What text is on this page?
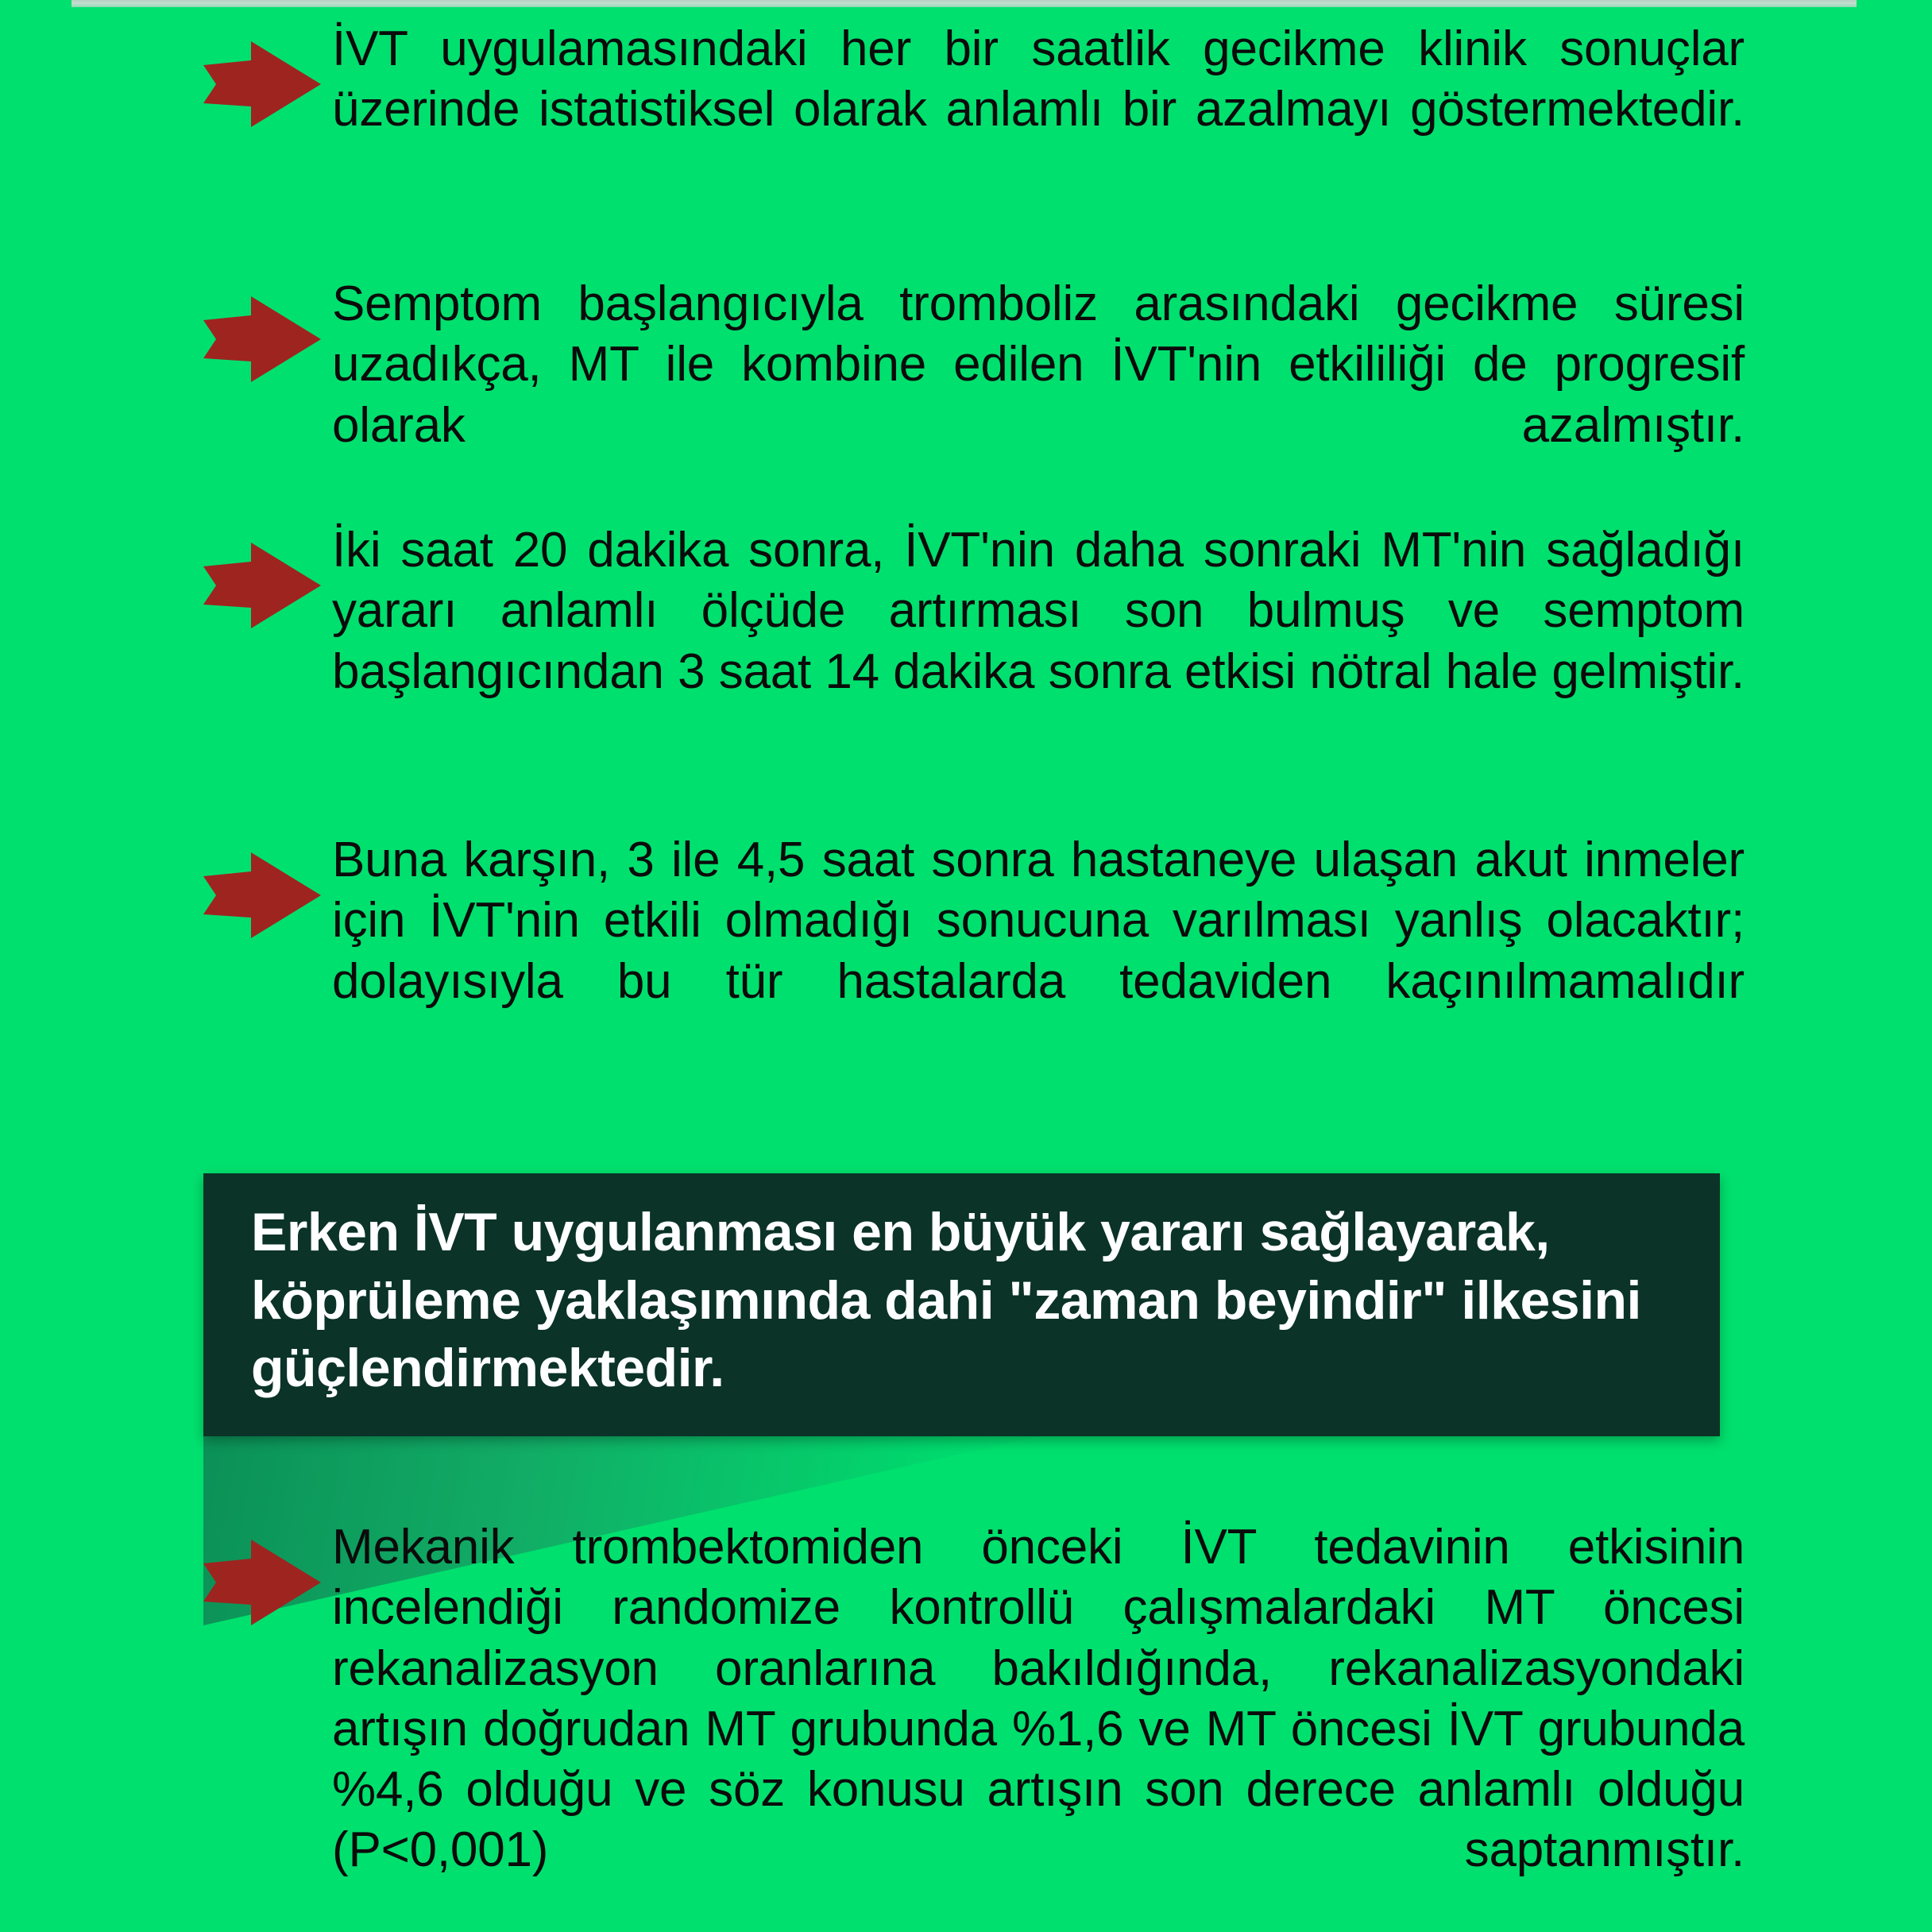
İVT uygulamasındaki her bir saatlik gecikme klinik sonuçlar üzerinde istatistiksel olarak anlamlı bir azalmayı göstermektedir.
Semptom başlangıcıyla tromboliz arasındaki gecikme süresi uzadıkça, MT ile kombine edilen İVT'nin etkililiği de progresif olarak azalmıştır.
İki saat 20 dakika sonra, İVT'nin daha sonraki MT'nin sağladığı yararı anlamlı ölçüde artırması son bulmuş ve semptom başlangıcından 3 saat 14 dakika sonra etkisi nötral hale gelmiştir.
Buna karşın, 3 ile 4,5 saat sonra hastaneye ulaşan akut inmeler için İVT'nin etkili olmadığı sonucuna varılması yanlış olacaktır; dolayısıyla bu tür hastalarda tedaviden kaçınılmamalıdır
Erken İVT uygulanması en büyük yararı sağlayarak, köprüleme yaklaşımında dahi "zaman beyindir" ilkesini güçlendirmektedir.
Mekanik trombektomiden önceki İVT tedavinin etkisinin incelendiği randomize kontrollü çalışmalardaki MT öncesi rekanalizasyon oranlarına bakıldığında, rekanalizasyondaki artışın doğrudan MT grubunda %1,6 ve MT öncesi İVT grubunda %4,6 olduğu ve söz konusu artışın son derece anlamlı olduğu (P<0,001) saptanmıştır.
